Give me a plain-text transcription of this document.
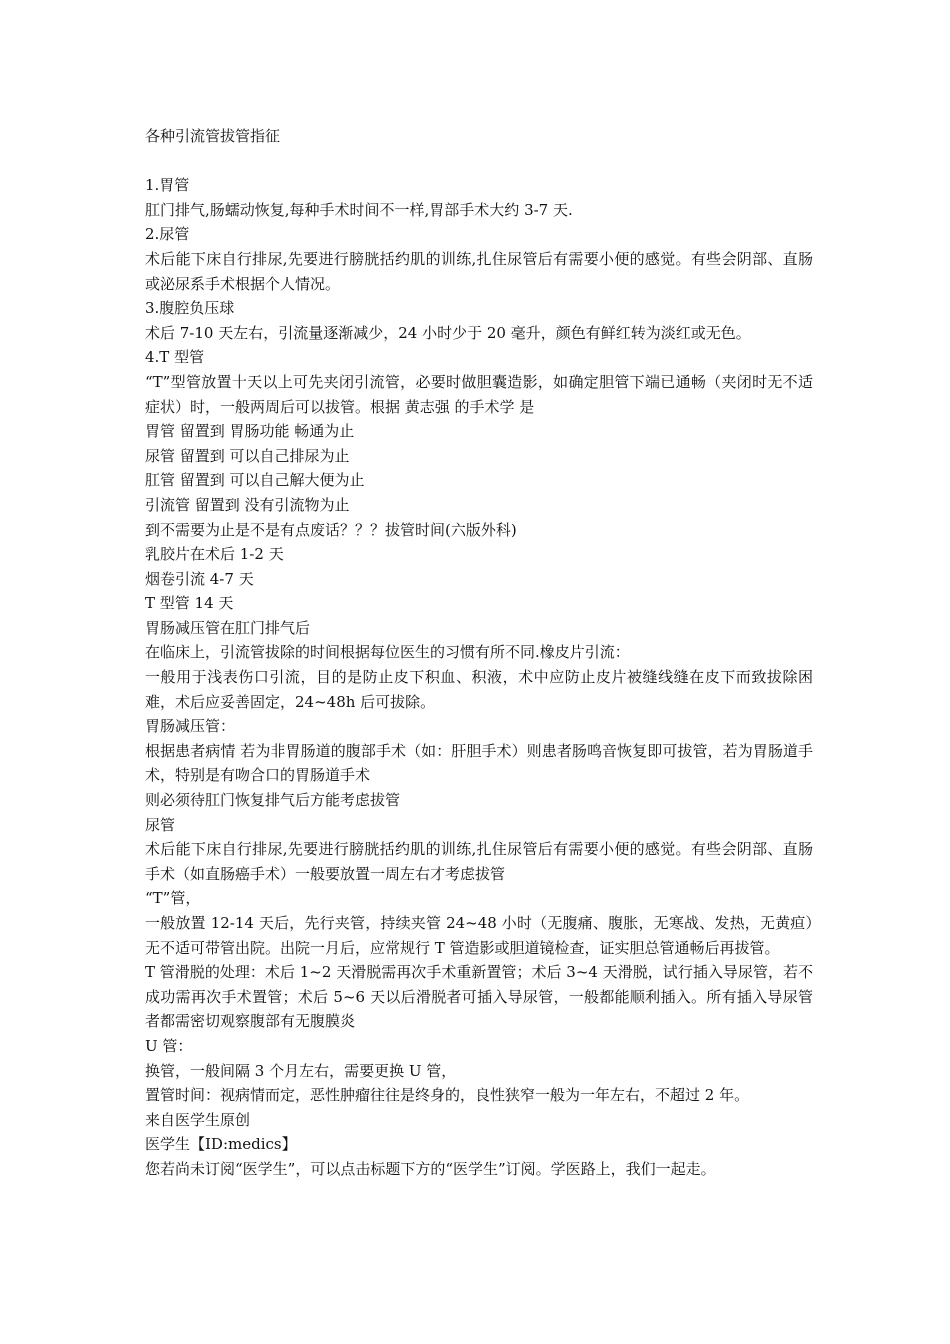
各种引流管拔管指征

1.胃管

肛门排气,肠蠕动恢复,每种手术时间不一样,胃部手术大约 3-7 天.

2.尿管

术后能下床自行排尿,先要进行膀胱括约肌的训练,扎住尿管后有需要小便的感觉。有些会阴部、直肠或泌尿系手术根据个人情况。

3.腹腔负压球

术后 7-10 天左右，引流量逐渐减少，24 小时少于 20 毫升，颜色有鲜红转为淡红或无色。

4.T 型管

“T”型管放置十天以上可先夹闭引流管，必要时做胆囊造影，如确定胆管下端已通畅（夹闭时无不适症状）时，一般两周后可以拔管。根据 黄志强 的手术学 是

胃管 留置到 胃肠功能 畅通为止

尿管 留置到 可以自己排尿为止

肛管 留置到 可以自己解大便为止

引流管 留置到 没有引流物为止

到不需要为止是不是有点废话？？？拔管时间(六版外科)

乳胶片在术后 1-2 天

烟卷引流 4-7 天

T 型管 14 天

胃肠减压管在肛门排气后

在临床上，引流管拔除的时间根据每位医生的习惯有所不同.橡皮片引流：

一般用于浅表伤口引流，目的是防止皮下积血、积液，术中应防止皮片被缝线缝在皮下而致拔除困难，术后应妥善固定，24~48h 后可拔除。

胃肠减压管：

根据患者病情 若为非胃肠道的腹部手术（如：肝胆手术）则患者肠鸣音恢复即可拔管，若为胃肠道手术，特别是有吻合口的胃肠道手术

则必须待肛门恢复排气后方能考虑拔管

尿管

术后能下床自行排尿,先要进行膀胱括约肌的训练,扎住尿管后有需要小便的感觉。有些会阴部、直肠手术（如直肠癌手术）一般要放置一周左右才考虑拔管

“T”管，

一般放置 12-14 天后，先行夹管，持续夹管 24~48 小时（无腹痛、腹胀，无寒战、发热，无黄疸）无不适可带管出院。出院一月后，应常规行 T 管造影或胆道镜检查，证实胆总管通畅后再拔管。

T 管滑脱的处理：术后 1~2 天滑脱需再次手术重新置管；术后 3~4 天滑脱，试行插入导尿管，若不成功需再次手术置管；术后 5~6 天以后滑脱者可插入导尿管，一般都能顺利插入。所有插入导尿管者都需密切观察腹部有无腹膜炎

U 管：

换管，一般间隔 3 个月左右，需要更换 U 管，

置管时间：视病情而定，恶性肿瘤往往是终身的，良性狭窄一般为一年左右，不超过 2 年。

来自医学生原创

医学生【ID:medics】

您若尚未订阅“医学生”，可以点击标题下方的“医学生”订阅。学医路上，我们一起走。
